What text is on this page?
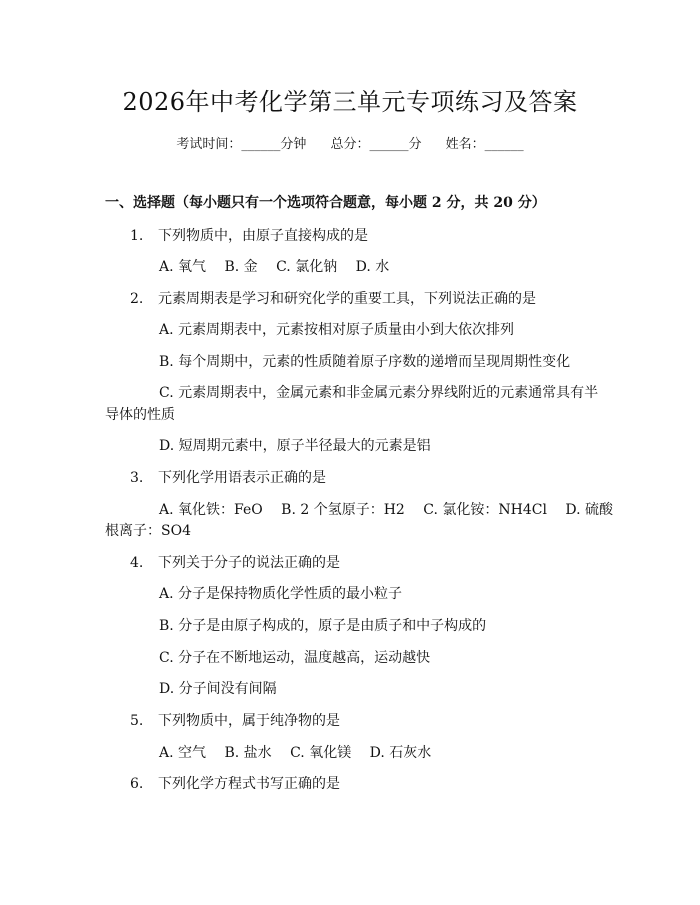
2026年中考化学第三单元专项练习及答案
考试时间：______分钟 总分：______分 姓名：______
一、选择题（每小题只有一个选项符合题意，每小题 2 分，共 20 分）
1. 下列物质中，由原子直接构成的是
A. 氧气　 B. 金　 C. 氯化钠　 D. 水
2. 元素周期表是学习和研究化学的重要工具，下列说法正确的是
A. 元素周期表中，元素按相对原子质量由小到大依次排列
B. 每个周期中，元素的性质随着原子序数的递增而呈现周期性变化
C. 元素周期表中，金属元素和非金属元素分界线附近的元素通常具有半
导体的性质
D. 短周期元素中，原子半径最大的元素是铝
3. 下列化学用语表示正确的是
A. 氧化铁：FeO　 B. 2 个氢原子：H2　 C. 氯化铵：NH4Cl　 D. 硫酸
根离子：SO4
4. 下列关于分子的说法正确的是
A. 分子是保持物质化学性质的最小粒子
B. 分子是由原子构成的，原子是由质子和中子构成的
C. 分子在不断地运动，温度越高，运动越快
D. 分子间没有间隔
5. 下列物质中，属于纯净物的是
A. 空气　 B. 盐水　 C. 氧化镁　 D. 石灰水
6. 下列化学方程式书写正确的是
